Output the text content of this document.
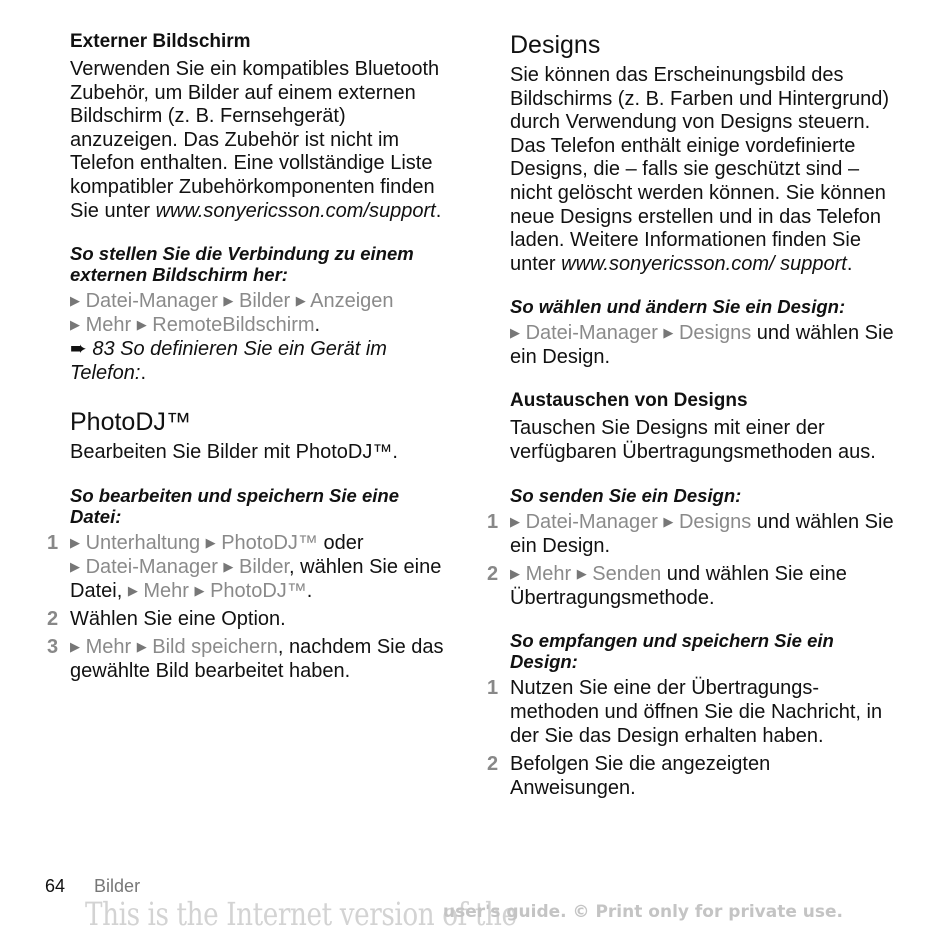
Externer Bildschirm

Verwenden Sie ein kompatibles Bluetooth Zubehör, um Bilder auf einem externen Bildschirm (z. B. Fernsehgerät) anzuzeigen. Das Zubehör ist nicht im Telefon enthalten. Eine vollständige Liste kompatibler Zubehörkomponenten finden Sie unter www.sonyericsson.com/support.

So stellen Sie die Verbindung zu einem externen Bildschirm her:
▶ Datei-Manager ▶ Bilder ▶ Anzeigen
▶ Mehr ▶ RemoteBildschirm.
➨ 83 So definieren Sie ein Gerät im Telefon:.
PhotoDJ™

Bearbeiten Sie Bilder mit PhotoDJ™.

So bearbeiten und speichern Sie eine Datei:
1 ▶ Unterhaltung ▶ PhotoDJ™ oder
▶ Datei-Manager ▶ Bilder, wählen Sie eine Datei, ▶ Mehr ▶ PhotoDJ™.
2 Wählen Sie eine Option.
3 ▶ Mehr ▶ Bild speichern, nachdem Sie das gewählte Bild bearbeitet haben.
Designs

Sie können das Erscheinungsbild des Bildschirms (z. B. Farben und Hintergrund) durch Verwendung von Designs steuern. Das Telefon enthält einige vordefinierte Designs, die – falls sie geschützt sind – nicht gelöscht werden können. Sie können neue Designs erstellen und in das Telefon laden. Weitere Informationen finden Sie unter www.sonyericsson.com/ support.

So wählen und ändern Sie ein Design:
▶ Datei-Manager ▶ Designs und wählen Sie ein Design.
Austauschen von Designs

Tauschen Sie Designs mit einer der verfügbaren Übertragungsmethoden aus.

So senden Sie ein Design:
1 ▶ Datei-Manager ▶ Designs und wählen Sie ein Design.
2 ▶ Mehr ▶ Senden und wählen Sie eine Übertragungsmethode.
So empfangen und speichern Sie ein Design:
1 Nutzen Sie eine der Übertragungs-methoden und öffnen Sie die Nachricht, in der Sie das Design erhalten haben.
2 Befolgen Sie die angezeigten Anweisungen.
64 Bilder
This is the Internet version of the
user's guide. © Print only for private use.
